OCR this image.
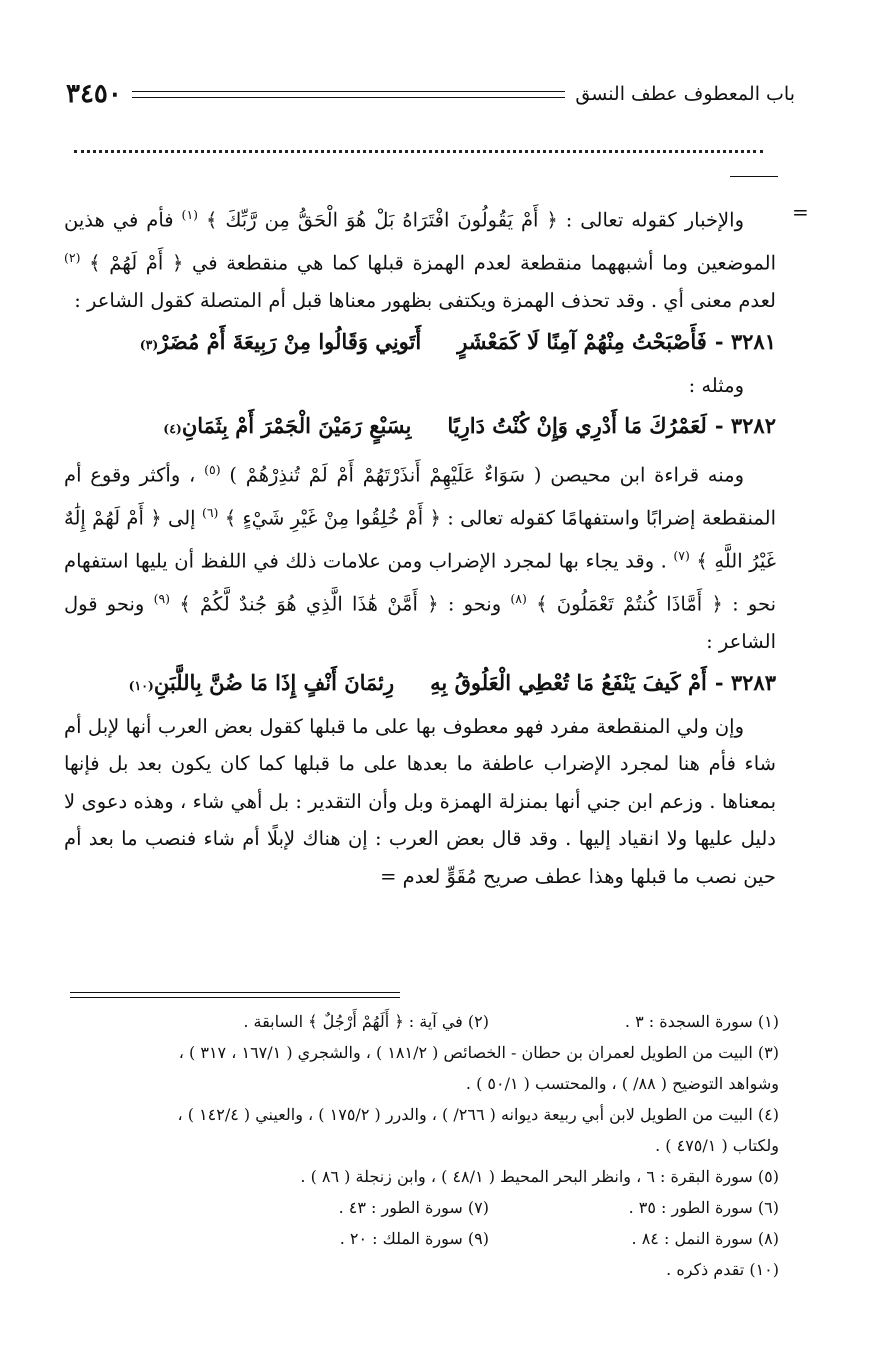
باب المعطوف عطف النسق
٣٤٥٠
=

والإخبار كقوله تعالى : ﴿ أَمْ يَقُولُونَ افْتَرَاهُ بَلْ هُوَ الْحَقُّ مِن رَّبِّكَ ﴾ $^{(١)}$ فأم في هذين الموضعين وما أشبههما منقطعة لعدم الهمزة قبلها كما هي منقطعة في ﴿ أَمْ لَهُمْ ﴾ $^{(٢)}$ لعدم معنى أي . وقد تحذف الهمزة ويكتفى بظهور معناها قبل أم المتصلة كقول الشاعر :

٣٢٨١ -
فَأَصْبَحْتُ مِنْهُمْ آمِنًا لَا كَمَعْشَرٍ
أَتَونِي وَقَالُوا مِنْ رَبِيعَةَ أَمْ مُضَرْ
(٣)

ومثله :

٣٢٨٢ -
لَعَمْرُكَ مَا أَدْرِي وَإِنْ كُنْتُ دَارِيًا
بِسَبْعٍ رَمَيْنَ الْجَمْرَ أَمْ بِثَمَانِ
(٤)

ومنه قراءة ابن محيصن ( سَوَاءٌ عَلَيْهِمْ أَنذَرْتَهُمْ أَمْ لَمْ تُنذِرْهُمْ ) $^{(٥)}$ ، وأكثر وقوع أم المنقطعة إضرابًا واستفهامًا كقوله تعالى : ﴿ أَمْ خُلِقُوا مِنْ غَيْرِ شَيْءٍ ﴾ $^{(٦)}$ إلى ﴿ أَمْ لَهُمْ إِلَٰهٌ غَيْرُ اللَّهِ ﴾ $^{(٧)}$ . وقد يجاء بها لمجرد الإضراب ومن علامات ذلك في اللفظ أن يليها استفهام نحو : ﴿ أَمَّاذَا كُنتُمْ تَعْمَلُونَ ﴾ $^{(٨)}$ ونحو : ﴿ أَمَّنْ هَٰذَا الَّذِي هُوَ جُندٌ لَّكُمْ ﴾ $^{(٩)}$ ونحو قول الشاعر :

٣٢٨٣ -
أَمْ كَيفَ يَنْفَعُ مَا تُعْطِي الْعَلُوقُ بِهِ
رِئمَانَ أَنْفٍ إِذَا مَا ضُنَّ بِاللَّبَنِ
(١٠)

وإن ولي المنقطعة مفرد فهو معطوف بها على ما قبلها كقول بعض العرب أنها لإبل أم شاء فأم هنا لمجرد الإضراب عاطفة ما بعدها على ما قبلها كما كان يكون بعد بل فإنها بمعناها . وزعم ابن جني أنها بمنزلة الهمزة وبل وأن التقدير : بل أهي شاء ، وهذه دعوى لا دليل عليها ولا انقياد إليها . وقد قال بعض العرب : إن هناك لإبلًا أم شاء فنصب ما بعد أم حين نصب ما قبلها وهذا عطف صريح مُقَوٍّ لعدم =

(١) سورة السجدة : ٣ .
(٢) في آية : ﴿ أَلَهُمْ أَرْجُلٌ ﴾ السابقة .
(٣) البيت من الطويل لعمران بن حطان - الخصائص ( ١٨١/٢ ) ، والشجري ( ١٦٧/١ ، ٣١٧ ) ،
وشواهد التوضيح ( ٨٨/ ) ، والمحتسب ( ٥٠/١ ) .
(٤) البيت من الطويل لابن أبي ربيعة ديوانه ( ٢٦٦/ ) ، والدرر ( ١٧٥/٢ ) ، والعيني ( ١٤٢/٤ ) ،
ولكتاب ( ٤٧٥/١ ) .
(٥) سورة البقرة : ٦ ، وانظر البحر المحيط ( ٤٨/١ ) ، وابن زنجلة ( ٨٦ ) .
(٦) سورة الطور : ٣٥ .
(٧) سورة الطور : ٤٣ .
(٨) سورة النمل : ٨٤ .
(٩) سورة الملك : ٢٠ .
(١٠) تقدم ذكره .
